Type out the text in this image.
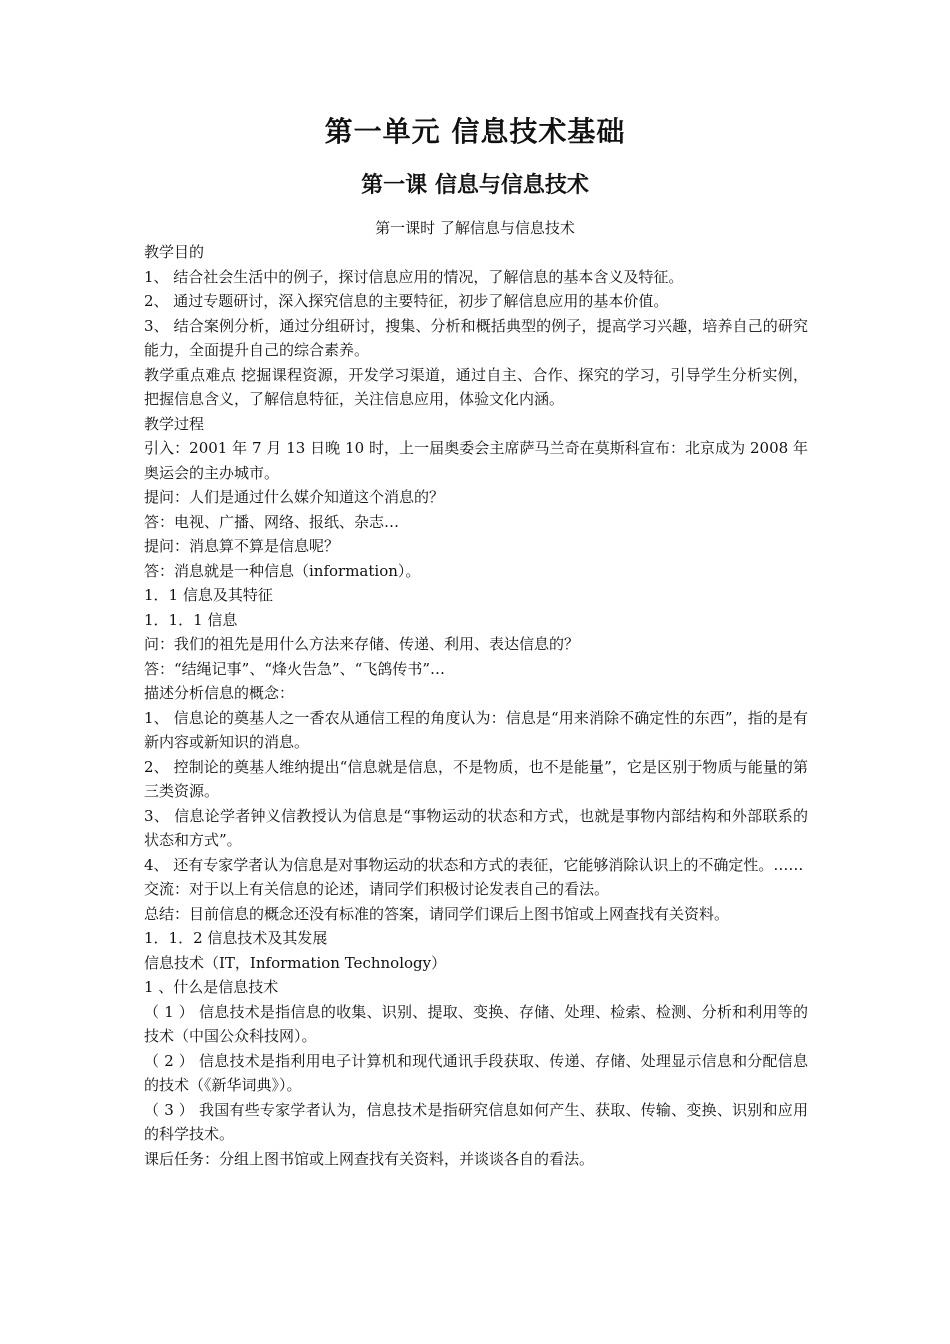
第一单元 信息技术基础
第一课 信息与信息技术
第一课时 了解信息与信息技术

教学目的

1、 结合社会生活中的例子，探讨信息应用的情况，了解信息的基本含义及特征。

2、 通过专题研讨，深入探究信息的主要特征，初步了解信息应用的基本价值。

3、 结合案例分析，通过分组研讨，搜集、分析和概括典型的例子，提高学习兴趣，培养自己的研究能力，全面提升自己的综合素养。

教学重点难点 挖掘课程资源，开发学习渠道，通过自主、合作、探究的学习，引导学生分析实例，把握信息含义，了解信息特征，关注信息应用，体验文化内涵。

教学过程

引入：2001 年 7 月 13 日晚 10 时，上一届奥委会主席萨马兰奇在莫斯科宣布：北京成为 2008 年奥运会的主办城市。

提问：人们是通过什么媒介知道这个消息的？

答：电视、广播、网络、报纸、杂志…

提问：消息算不算是信息呢？

答：消息就是一种信息（information）。

1．1 信息及其特征

1．1．1 信息

问：我们的祖先是用什么方法来存储、传递、利用、表达信息的？

答：“结绳记事”、“烽火告急”、“飞鸽传书”…

描述分析信息的概念：

1、 信息论的奠基人之一香农从通信工程的角度认为：信息是“用来消除不确定性的东西”，指的是有新内容或新知识的消息。

2、 控制论的奠基人维纳提出“信息就是信息，不是物质，也不是能量”，它是区别于物质与能量的第三类资源。

3、 信息论学者钟义信教授认为信息是“事物运动的状态和方式，也就是事物内部结构和外部联系的状态和方式”。

4、 还有专家学者认为信息是对事物运动的状态和方式的表征，它能够消除认识上的不确定性。……

交流：对于以上有关信息的论述，请同学们积极讨论发表自己的看法。

总结：目前信息的概念还没有标准的答案，请同学们课后上图书馆或上网查找有关资料。

1．1．2 信息技术及其发展

信息技术（IT，Information Technology）

1 、什么是信息技术

（ 1 ） 信息技术是指信息的收集、识别、提取、变换、存储、处理、检索、检测、分析和利用等的技术（中国公众科技网）。

（ 2 ） 信息技术是指利用电子计算机和现代通讯手段获取、传递、存储、处理显示信息和分配信息的技术（《新华词典》）。

（ 3 ） 我国有些专家学者认为，信息技术是指研究信息如何产生、获取、传输、变换、识别和应用的科学技术。

课后任务：分组上图书馆或上网查找有关资料，并谈谈各自的看法。
